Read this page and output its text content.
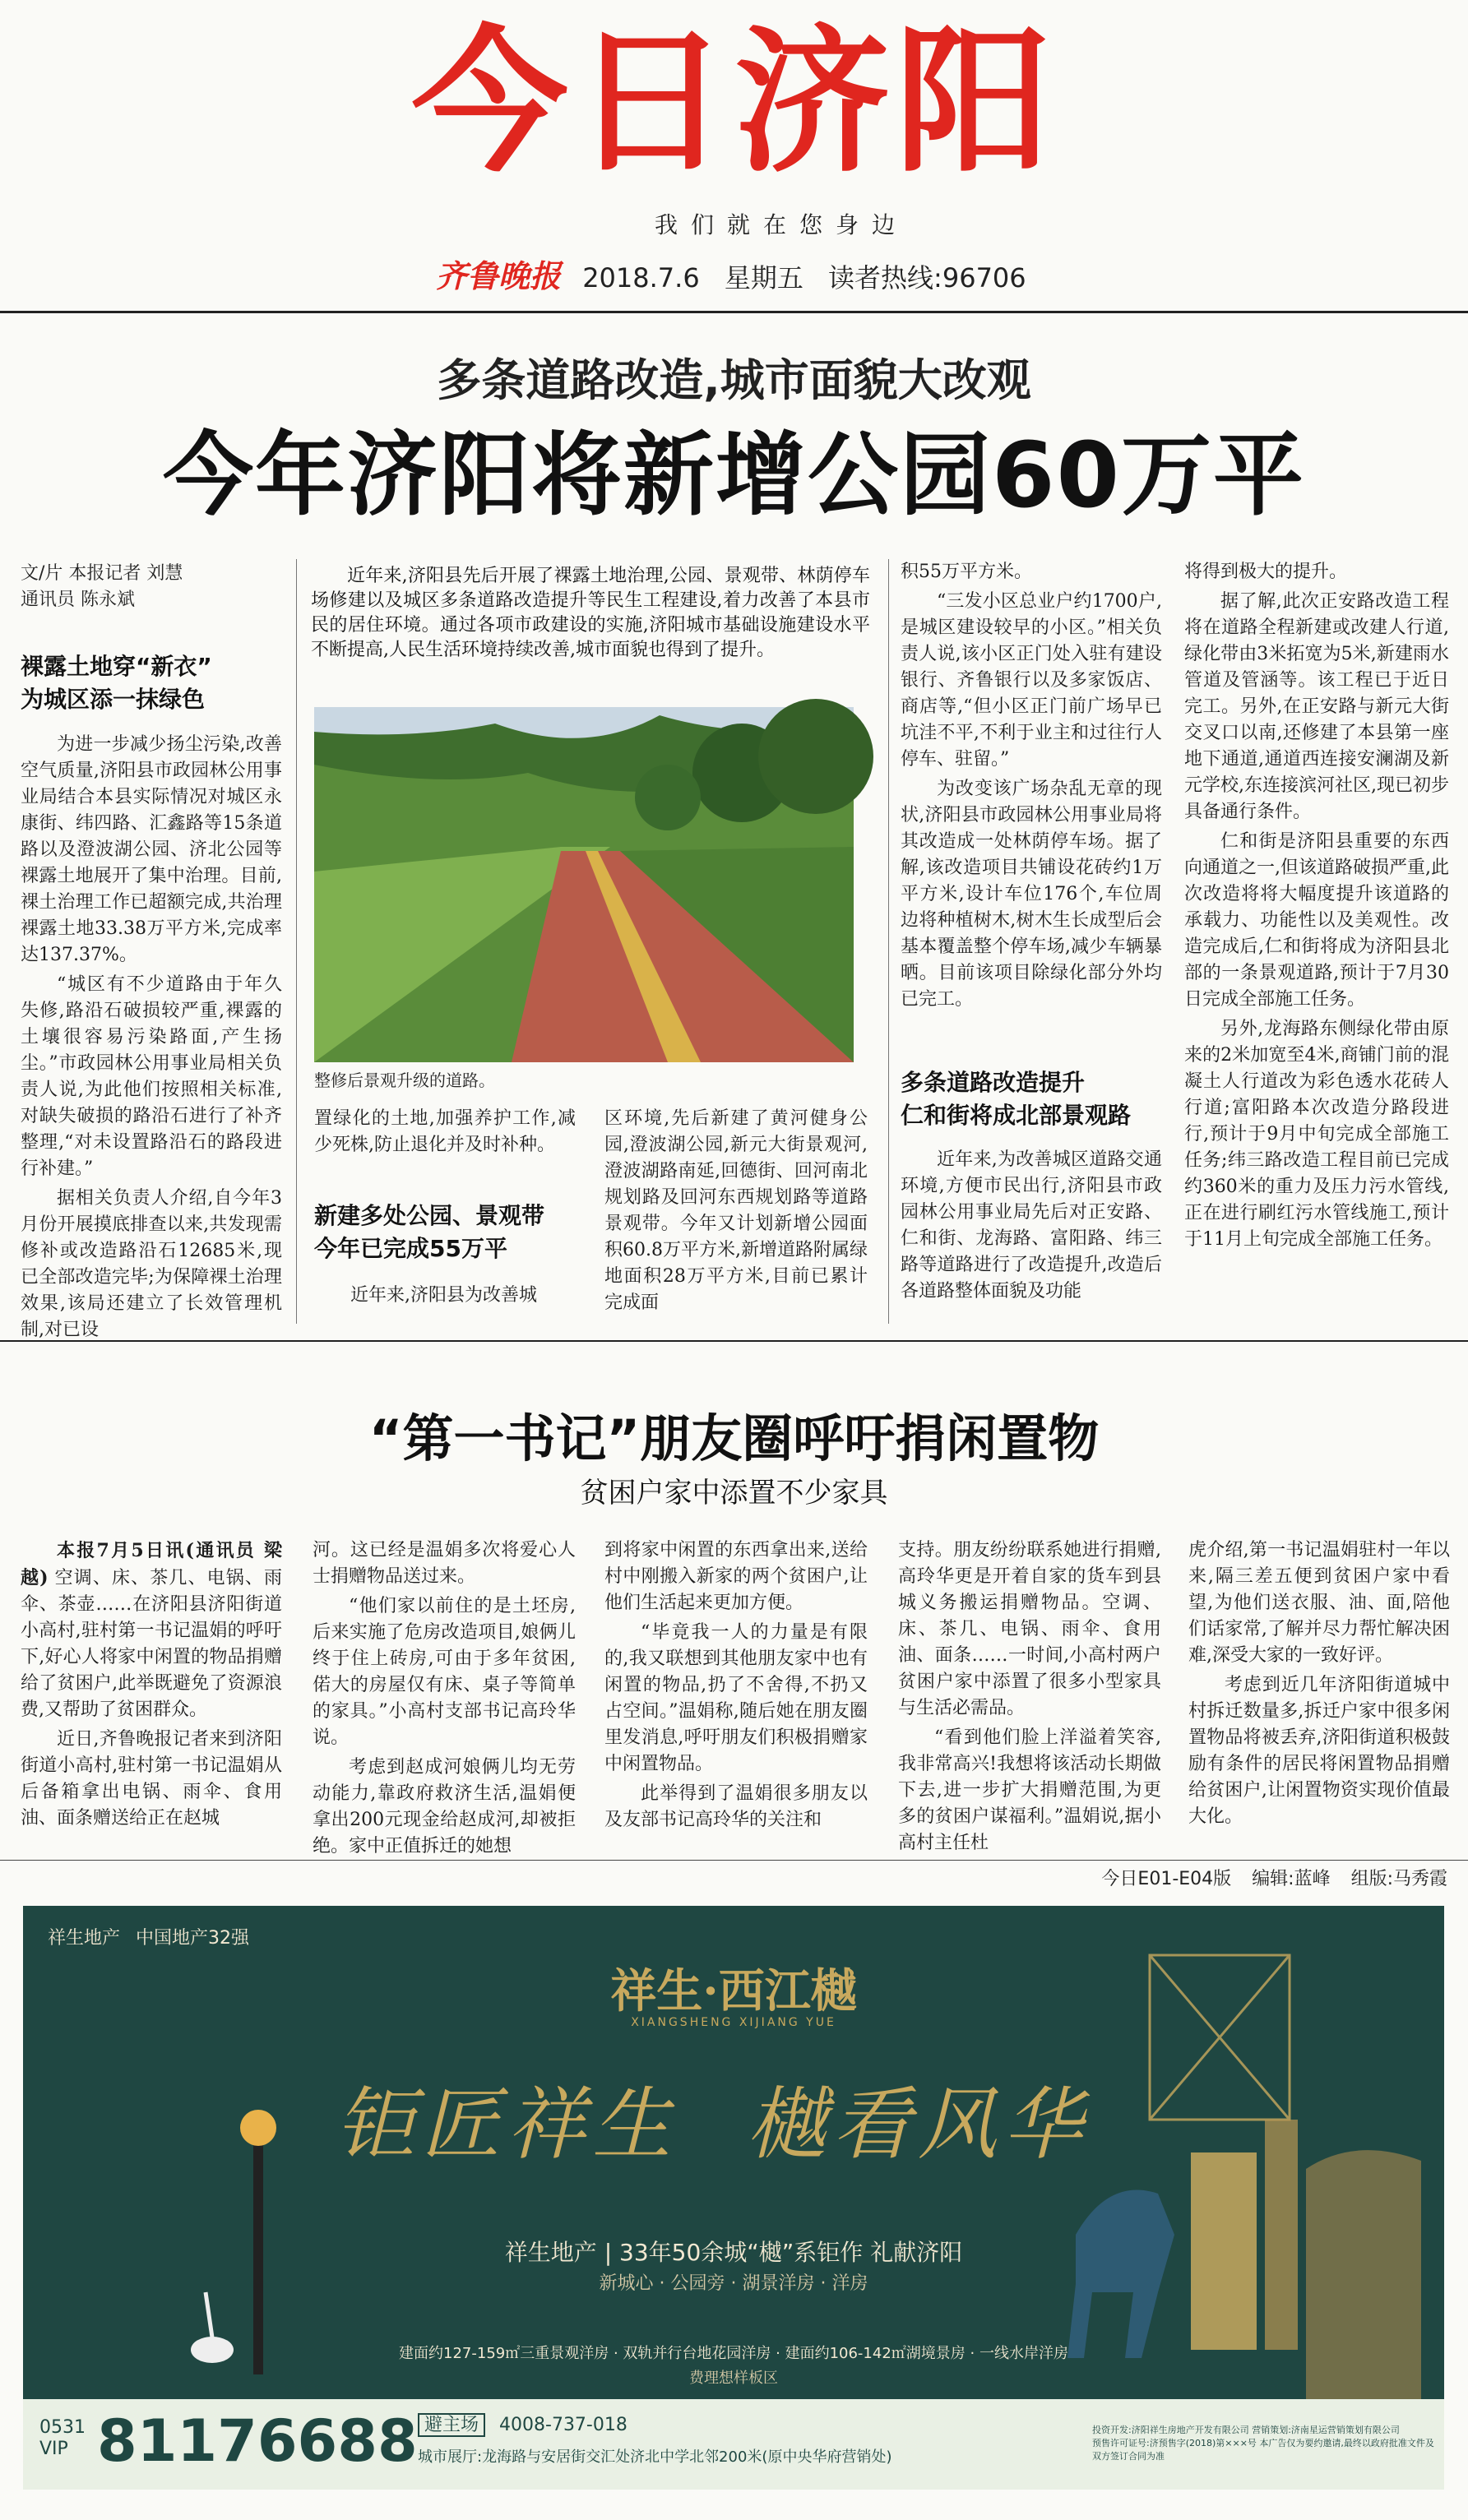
今日济阳
我们就在您身边
齐鲁晚报 2018.7.6 星期五 读者热线:96706
多条道路改造,城市面貌大改观
今年济阳将新增公园60万平
文/片 本报记者 刘慧
通讯员 陈永斌
裸露土地穿“新衣”
为城区添一抹绿色

为进一步减少扬尘污染,改善空气质量,济阳县市政园林公用事业局结合本县实际情况对城区永康街、纬四路、汇鑫路等15条道路以及澄波湖公园、济北公园等裸露土地展开了集中治理。目前,裸土治理工作已超额完成,共治理裸露土地33.38万平方米,完成率达137.37%。

“城区有不少道路由于年久失修,路沿石破损较严重,裸露的土壤很容易污染路面,产生扬尘。”市政园林公用事业局相关负责人说,为此他们按照相关标准,对缺失破损的路沿石进行了补齐整理,“对未设置路沿石的路段进行补建。”

据相关负责人介绍,自今年3月份开展摸底排查以来,共发现需修补或改造路沿石12685米,现已全部改造完毕;为保障裸土治理效果,该局还建立了长效管理机制,对已设

近年来,济阳县先后开展了裸露土地治理,公园、景观带、林荫停车场修建以及城区多条道路改造提升等民生工程建设,着力改善了本县市民的居住环境。通过各项市政建设的实施,济阳城市基础设施建设水平不断提高,人民生活环境持续改善,城市面貌也得到了提升。

整修后景观升级的道路。

置绿化的土地,加强养护工作,减少死株,防止退化并及时补种。

新建多处公园、景观带
今年已完成55万平

近年来,济阳县为改善城

区环境,先后新建了黄河健身公园,澄波湖公园,新元大街景观河,澄波湖路南延,回德街、回河南北规划路及回河东西规划路等道路景观带。今年又计划新增公园面积60.8万平方米,新增道路附属绿地面积28万平方米,目前已累计完成面

积55万平方米。

“三发小区总业户约1700户,是城区建设较早的小区。”相关负责人说,该小区正门处入驻有建设银行、齐鲁银行以及多家饭店、商店等,“但小区正门前广场早已坑洼不平,不利于业主和过往行人停车、驻留。”

为改变该广场杂乱无章的现状,济阳县市政园林公用事业局将其改造成一处林荫停车场。据了解,该改造项目共铺设花砖约1万平方米,设计车位176个,车位周边将种植树木,树木生长成型后会基本覆盖整个停车场,减少车辆暴晒。目前该项目除绿化部分外均已完工。

多条道路改造提升
仁和街将成北部景观路

近年来,为改善城区道路交通环境,方便市民出行,济阳县市政园林公用事业局先后对正安路、仁和街、龙海路、富阳路、纬三路等道路进行了改造提升,改造后各道路整体面貌及功能

将得到极大的提升。

据了解,此次正安路改造工程将在道路全程新建或改建人行道,绿化带由3米拓宽为5米,新建雨水管道及管涵等。该工程已于近日完工。另外,在正安路与新元大街交叉口以南,还修建了本县第一座地下通道,通道西连接安澜湖及新元学校,东连接滨河社区,现已初步具备通行条件。

仁和街是济阳县重要的东西向通道之一,但该道路破损严重,此次改造将将大幅度提升该道路的承载力、功能性以及美观性。改造完成后,仁和街将成为济阳县北部的一条景观道路,预计于7月30日完成全部施工任务。

另外,龙海路东侧绿化带由原来的2米加宽至4米,商铺门前的混凝土人行道改为彩色透水花砖人行道;富阳路本次改造分路段进行,预计于9月中旬完成全部施工任务;纬三路改造工程目前已完成约360米的重力及压力污水管线,正在进行刷红污水管线施工,预计于11月上旬完成全部施工任务。

“第一书记”朋友圈呼吁捐闲置物
贫困户家中添置不少家具

本报7月5日讯(通讯员 梁越) 空调、床、茶几、电锅、雨伞、茶壶……在济阳县济阳街道小高村,驻村第一书记温娟的呼吁下,好心人将家中闲置的物品捐赠给了贫困户,此举既避免了资源浪费,又帮助了贫困群众。

近日,齐鲁晚报记者来到济阳街道小高村,驻村第一书记温娟从后备箱拿出电锅、雨伞、食用油、面条赠送给正在赵城

河。这已经是温娟多次将爱心人士捐赠物品送过来。

“他们家以前住的是土坯房,后来实施了危房改造项目,娘俩儿终于住上砖房,可由于多年贫困,偌大的房屋仅有床、桌子等简单的家具。”小高村支部书记高玲华说。

考虑到赵成河娘俩儿均无劳动能力,靠政府救济生活,温娟便拿出200元现金给赵成河,却被拒绝。家中正值拆迁的她想

到将家中闲置的东西拿出来,送给村中刚搬入新家的两个贫困户,让他们生活起来更加方便。

“毕竟我一人的力量是有限的,我又联想到其他朋友家中也有闲置的物品,扔了不舍得,不扔又占空间。”温娟称,随后她在朋友圈里发消息,呼吁朋友们积极捐赠家中闲置物品。

此举得到了温娟很多朋友以及友部书记高玲华的关注和

支持。朋友纷纷联系她进行捐赠,高玲华更是开着自家的货车到县城义务搬运捐赠物品。空调、床、茶几、电锅、雨伞、食用油、面条……一时间,小高村两户贫困户家中添置了很多小型家具与生活必需品。

“看到他们脸上洋溢着笑容,我非常高兴!我想将该活动长期做下去,进一步扩大捐赠范围,为更多的贫困户谋福利。”温娟说,据小高村主任杜

虎介绍,第一书记温娟驻村一年以来,隔三差五便到贫困户家中看望,为他们送衣服、油、面,陪他们话家常,了解并尽力帮忙解决困难,深受大家的一致好评。

考虑到近几年济阳街道城中村拆迁数量多,拆迁户家中很多闲置物品将被丢弃,济阳街道积极鼓励有条件的居民将闲置物品捐赠给贫困户,让闲置物资实现价值最大化。

今日E01-E04版 编辑:蓝峰 组版:马秀霞
祥生地产 中国地产32强
祥生·西江樾
XIANGSHENG XIJIANG YUE
钜匠祥生 樾看风华
祥生地产 | 33年50余城“樾”系钜作 礼献济阳
新城心 · 公园旁 · 湖景洋房 · 洋房
建面约127-159㎡三重景观洋房 · 双轨并行台地花园洋房 · 建面约106-142㎡湖境景房 · 一线水岸洋房
费理想样板区
0531
VIP 81176688 避主场 4008-737-018
城市展厅:龙海路与安居街交汇处济北中学北邻200米(原中央华府营销处)
投资开发:济阳祥生房地产开发有限公司 营销策划:济南星运营销策划有限公司
预售许可证号:济预售字(2018)第×××号 本广告仅为要约邀请,最终以政府批准文件及双方签订合同为准
